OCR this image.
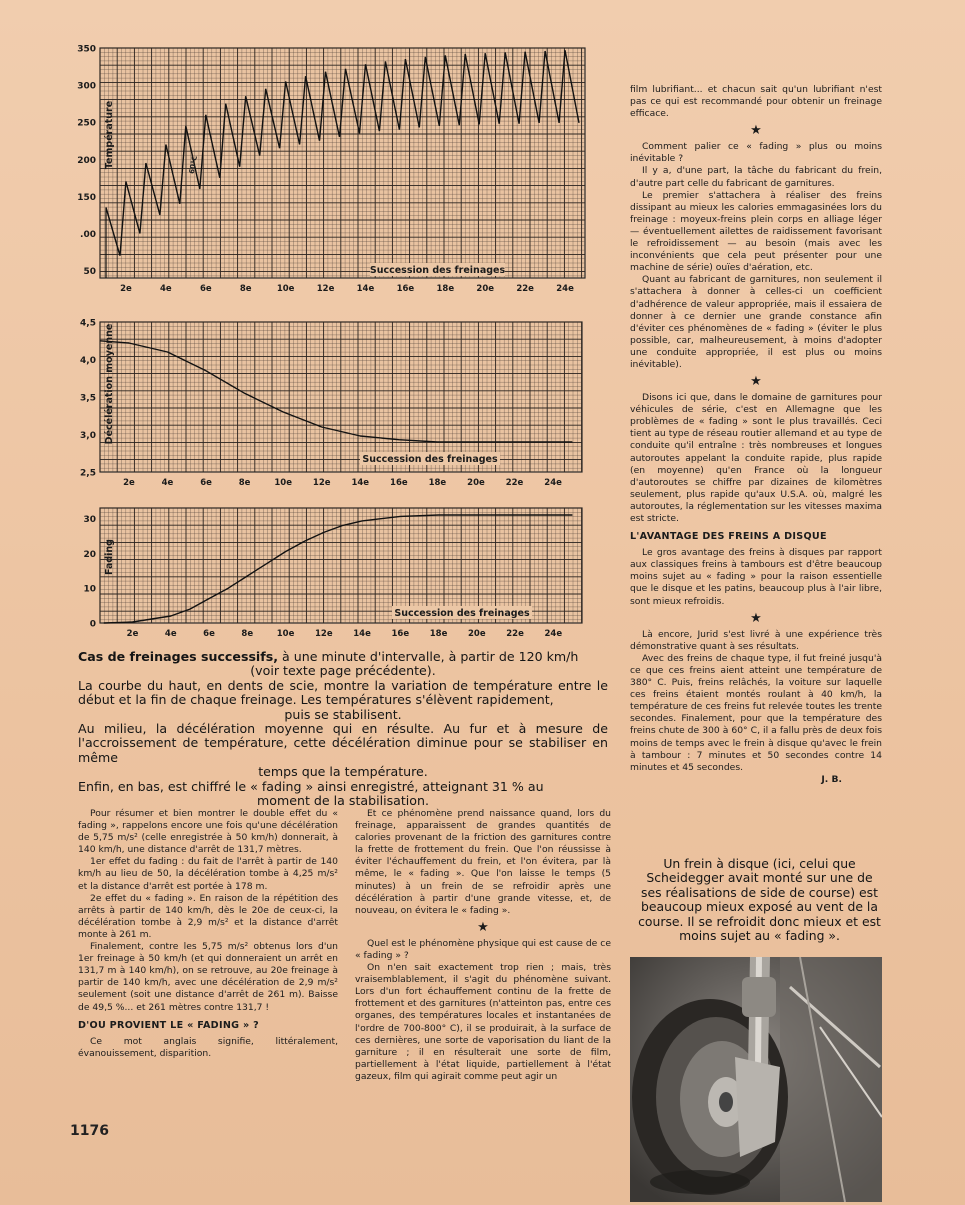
350
300
250
200
150
.00
50
2e	4e	6e	8e	10e	12e	14e	16e	18e	20e	22e	24e
Température
Succession des freinages
60°C
4,5
4,0
3,5
3,0
2,5
2e	4e	6e	8e	10e 12e 14e 16e 18e 20e 22e 24e
Décélération moyenne
Succession des freinages
30
20
10
0
2e	4e	6e	8e	10e 12e 14e 16e 18e 20e 22e 24e
Fading
Succession des freinages

Cas de freinages successifs, à une minute d'intervalle, à partir de 120 km/h

(voir texte page précédente).

La courbe du haut, en dents de scie, montre la variation de température entre le début et la fin de chaque freinage. Les températures s'élèvent rapidement,

puis se stabilisent.

Au milieu, la décélération moyenne qui en résulte. Au fur et à mesure de l'accroissement de température, cette décélération diminue pour se stabiliser en même

temps que la température.

Enfin, en bas, est chiffré le « fading » ainsi enregistré, atteignant 31 % au

moment de la stabilisation.

Pour résumer et bien montrer le double effet du « fading », rappelons encore une fois qu'une décélération de 5,75 m/s² (celle enregistrée à 50 km/h) donnerait, à 140 km/h, une distance d'arrêt de 131,7 mètres.

1er effet du fading : du fait de l'arrêt à partir de 140 km/h au lieu de 50, la décélération tombe à 4,25 m/s² et la distance d'arrêt est portée à 178 m.

2e effet du « fading ». En raison de la répétition des arrêts à partir de 140 km/h, dès le 20e de ceux-ci, la décélération tombe à 2,9 m/s² et la distance d'arrêt monte à 261 m.

Finalement, contre les 5,75 m/s² obtenus lors d'un 1er freinage à 50 km/h (et qui donneraient un arrêt en 131,7 m à 140 km/h), on se retrouve, au 20e freinage à partir de 140 km/h, avec une décélération de 2,9 m/s² seulement (soit une distance d'arrêt de 261 m). Baisse de 49,5 %... et 261 mètres contre 131,7 !

D'OU PROVIENT LE « FADING » ?

Ce mot anglais signifie, littéralement, évanouissement, disparition.

Et ce phénomène prend naissance quand, lors du freinage, apparaissent de grandes quantités de calories provenant de la friction des garnitures contre la frette de frottement du frein. Que l'on réussisse à éviter l'échauffement du frein, et l'on évitera, par là même, le « fading ». Que l'on laisse le temps (5 minutes) à un frein de se refroidir après une décélération à partir d'une grande vitesse, et, de nouveau, on évitera le « fading ».

★

Quel est le phénomène physique qui est cause de ce « fading » ?

On n'en sait exactement trop rien ; mais, très vraisemblablement, il s'agit du phénomène suivant. Lors d'un fort échauffement continu de la frette de frottement et des garnitures (n'atteinton pas, entre ces organes, des températures locales et instantanées de l'ordre de 700-800° C), il se produirait, à la surface de ces dernières, une sorte de vaporisation du liant de la garniture ; il en résulterait une sorte de film, partiellement à l'état liquide, partiellement à l'état gazeux, film qui agirait comme peut agir un

film lubrifiant... et chacun sait qu'un lubrifiant n'est pas ce qui est recommandé pour obtenir un freinage efficace.

★

Comment palier ce « fading » plus ou moins inévitable ?

Il y a, d'une part, la tâche du fabricant du frein, d'autre part celle du fabricant de garnitures.

Le premier s'attachera à réaliser des freins dissipant au mieux les calories emmagasinées lors du freinage : moyeux-freins plein corps en alliage léger — éventuellement ailettes de raidissement favorisant le refroidissement — au besoin (mais avec les inconvénients que cela peut présenter pour une machine de série) ouïes d'aération, etc.

Quant au fabricant de garnitures, non seulement il s'attachera à donner à celles-ci un coefficient d'adhérence de valeur appropriée, mais il essaiera de donner à ce dernier une grande constance afin d'éviter ces phénomènes de « fading » (éviter le plus possible, car, malheureusement, à moins d'adopter une conduite appropriée, il est plus ou moins inévitable).

★

Disons ici que, dans le domaine de garnitures pour véhicules de série, c'est en Allemagne que les problèmes de « fading » sont le plus travaillés. Ceci tient au type de réseau routier allemand et au type de conduite qu'il entraîne : très nombreuses et longues autoroutes appelant la conduite rapide, plus rapide (en moyenne) qu'en France où la longueur d'autoroutes se chiffre par dizaines de kilomètres seulement, plus rapide qu'aux U.S.A. où, malgré les autoroutes, la réglementation sur les vitesses maxima est stricte.

L'AVANTAGE DES FREINS A DISQUE

Le gros avantage des freins à disques par rapport aux classiques freins à tambours est d'être beaucoup moins sujet au « fading » pour la raison essentielle que le disque et les patins, beaucoup plus à l'air libre, sont mieux refroidis.

★

Là encore, Jurid s'est livré à une expérience très démonstrative quant à ses résultats.

Avec des freins de chaque type, il fut freiné jusqu'à ce que ces freins aient atteint une température de 380° C. Puis, freins relâchés, la voiture sur laquelle ces freins étaient montés roulant à 40 km/h, la température de ces freins fut relevée toutes les trente secondes. Finalement, pour que la température des freins chute de 300 à 60° C, il a fallu près de deux fois moins de temps avec le frein à disque qu'avec le frein à tambour : 7 minutes et 50 secondes contre 14 minutes et 45 secondes.

J. B.
Un frein à disque (ici, celui que Scheidegger avait monté sur une de ses réalisations de side de course) est beaucoup mieux exposé au vent de la course. Il se refroidit donc mieux et est moins sujet au « fading ».
1176
